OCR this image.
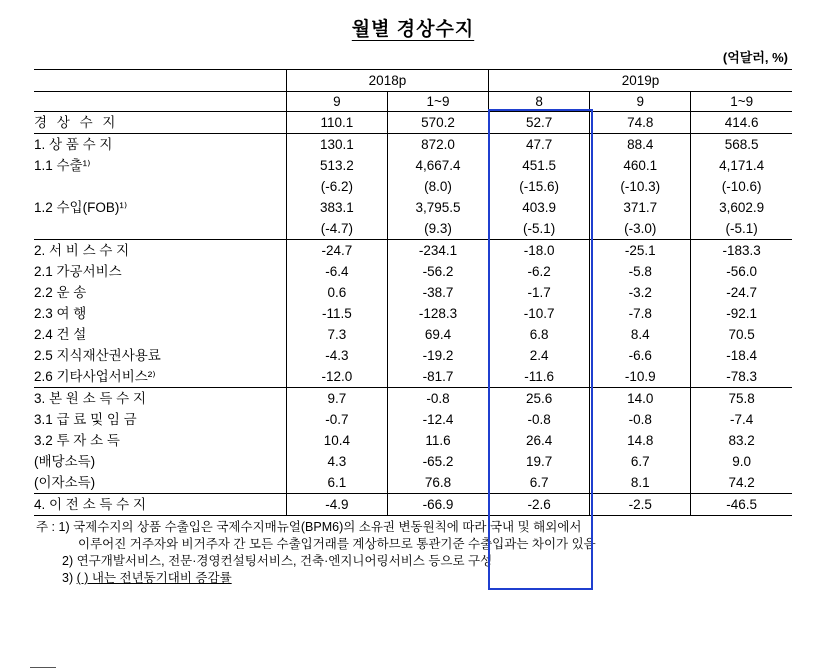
월별 경상수지
(억달러, %)
	2018p		2019p		
	9	1~9	8	9	1~9
경 상 수 지	110.1	570.2	52.7	74.8	414.6
1. 상 품 수 지	130.1	872.0	47.7	88.4	568.5
1.1 수출¹⁾	513.2	4,667.4	451.5	460.1	4,171.4
	(-6.2)	(8.0)	(-15.6)	(-10.3)	(-10.6)
1.2 수입(FOB)¹⁾	383.1	3,795.5	403.9	371.7	3,602.9
	(-4.7)	(9.3)	(-5.1)	(-3.0)	(-5.1)
2. 서 비 스 수 지	-24.7	-234.1	-18.0	-25.1	-183.3
2.1 가공서비스	-6.4	-56.2	-6.2	-5.8	-56.0
2.2 운 송	0.6	-38.7	-1.7	-3.2	-24.7
2.3 여 행	-11.5	-128.3	-10.7	-7.8	-92.1
2.4 건 설	7.3	69.4	6.8	8.4	70.5
2.5 지식재산권사용료	-4.3	-19.2	2.4	-6.6	-18.4
2.6 기타사업서비스²⁾	-12.0	-81.7	-11.6	-10.9	-78.3
3. 본 원 소 득 수 지	9.7	-0.8	25.6	14.0	75.8
3.1 급 료 및 임 금	-0.7	-12.4	-0.8	-0.8	-7.4
3.2 투 자 소 득	10.4	11.6	26.4	14.8	83.2
(배당소득)	4.3	-65.2	19.7	6.7	9.0
(이자소득)	6.1	76.8	6.7	8.1	74.2
4. 이 전 소 득 수 지	-4.9	-66.9	-2.6	-2.5	-46.5
주 : 1) 국제수지의 상품 수출입은 국제수지매뉴얼(BPM6)의 소유권 변동원칙에 따라 국내 및 해외에서
이루어진 거주자와 비거주자 간 모든 수출입거래를 계상하므로 통관기준 수출입과는 차이가 있음
2) 연구개발서비스, 전문·경영컨설팅서비스, 건축·엔지니어링서비스 등으로 구성
3) ( ) 내는 전년동기대비 증감률
